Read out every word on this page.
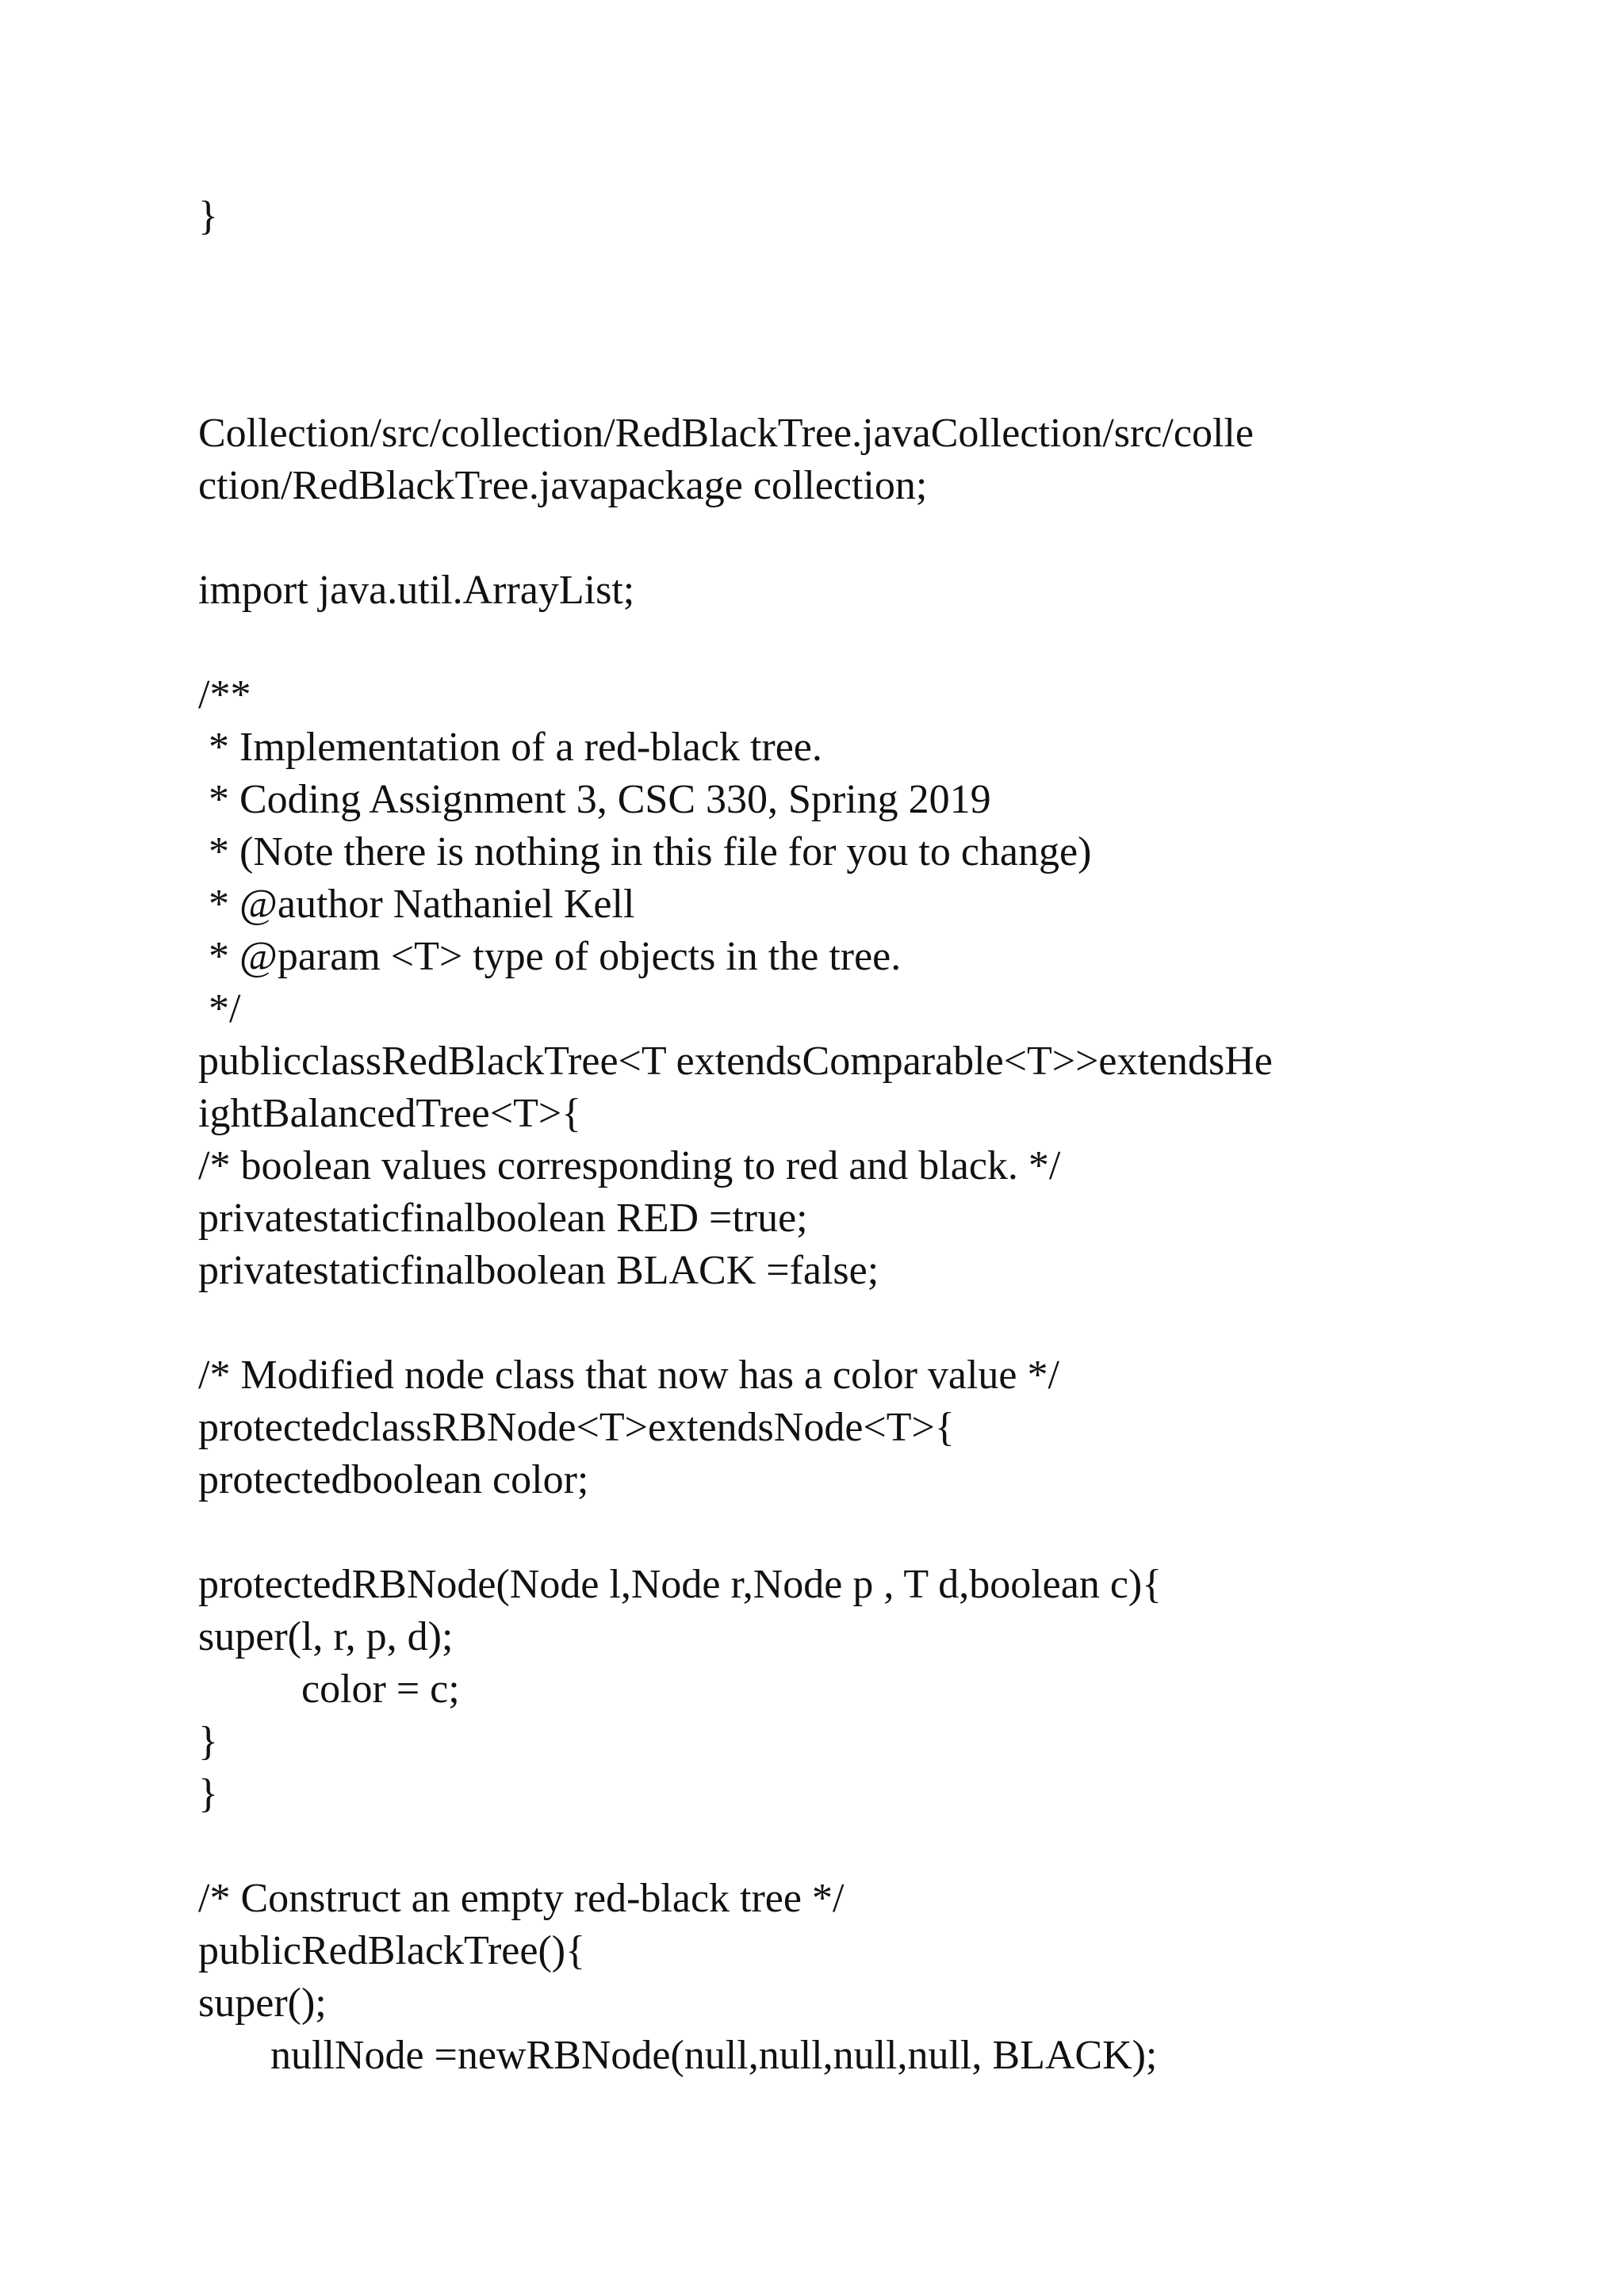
}

Collection/src/collection/RedBlackTree.javaCollection/src/colle

ction/RedBlackTree.javapackage collection;

import java.util.ArrayList;

/**

* Implementation of a red-black tree.

* Coding Assignment 3, CSC 330, Spring 2019

* (Note there is nothing in this file for you to change)

* @author Nathaniel Kell

* @param <T> type of objects in the tree.

*/

publicclassRedBlackTree<T extendsComparable<T>>extendsHe

ightBalancedTree<T>{

/* boolean values corresponding to red and black. */

privatestaticfinalboolean RED =true;

privatestaticfinalboolean BLACK =false;

/* Modified node class that now has a color value */

protectedclassRBNode<T>extendsNode<T>{

protectedboolean color;

protectedRBNode(Node l,Node r,Node p , T d,boolean c){

super(l, r, p, d);

color = c;

}

}

/* Construct an empty red-black tree */

publicRedBlackTree(){

super();

nullNode =newRBNode(null,null,null,null, BLACK);
